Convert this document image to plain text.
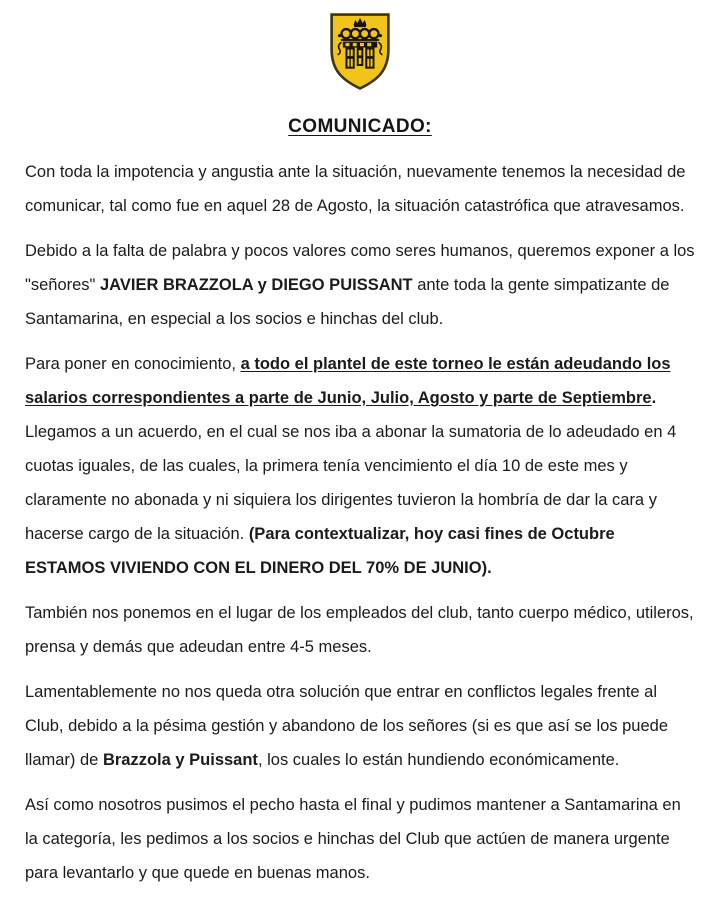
COMUNICADO:

Con toda la impotencia y angustia ante la situación, nuevamente tenemos la necesidad de comunicar, tal como fue en aquel 28 de Agosto, la situación catastrófica que atravesamos.

Debido a la falta de palabra y pocos valores como seres humanos, queremos exponer a los "señores" JAVIER BRAZZOLA y DIEGO PUISSANT ante toda la gente simpatizante de Santamarina, en especial a los socios e hinchas del club.

Para poner en conocimiento, a todo el plantel de este torneo le están adeudando los salarios correspondientes a parte de Junio, Julio, Agosto y parte de Septiembre. Llegamos a un acuerdo, en el cual se nos iba a abonar la sumatoria de lo adeudado en 4 cuotas iguales, de las cuales, la primera tenía vencimiento el día 10 de este mes y claramente no abonada y ni siquiera los dirigentes tuvieron la hombría de dar la cara y hacerse cargo de la situación. (Para contextualizar, hoy casi fines de Octubre ESTAMOS VIVIENDO CON EL DINERO DEL 70% DE JUNIO).

También nos ponemos en el lugar de los empleados del club, tanto cuerpo médico, utileros, prensa y demás que adeudan entre 4-5 meses.

Lamentablemente no nos queda otra solución que entrar en conflictos legales frente al Club, debido a la pésima gestión y abandono de los señores (si es que así se los puede llamar) de Brazzola y Puissant, los cuales lo están hundiendo económicamente.

Así como nosotros pusimos el pecho hasta el final y pudimos mantener a Santamarina en la categoría, les pedimos a los socios e hinchas del Club que actúen de manera urgente para levantarlo y que quede en buenas manos.
